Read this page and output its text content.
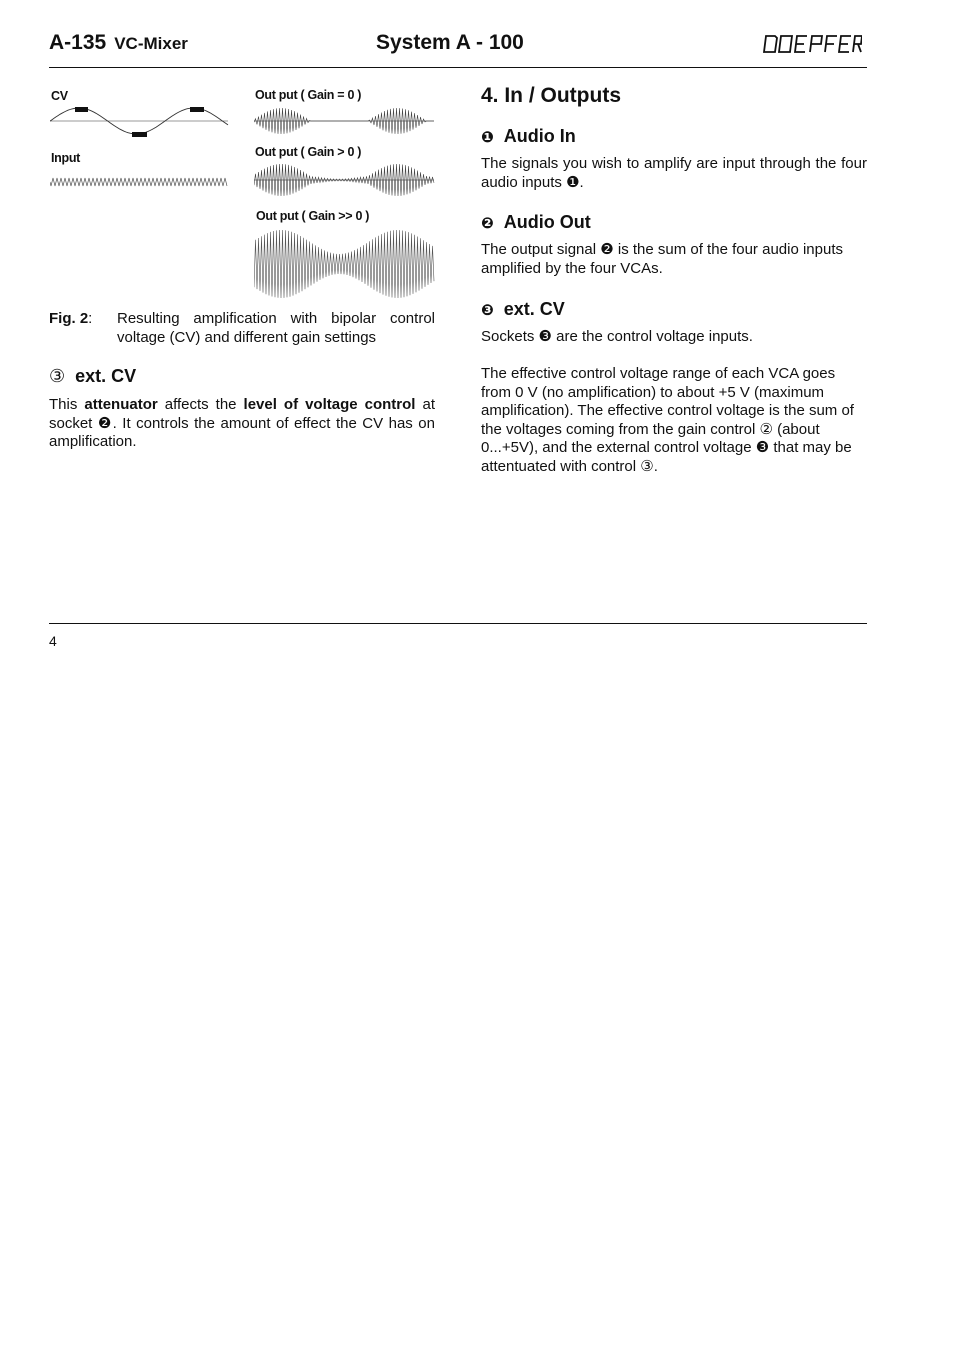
A-135 VC-Mixer	System A - 100
CV
Input
Out put ( Gain = 0 )
Out put ( Gain > 0 )
Out put ( Gain >> 0 )
Fig. 2: Resulting amplification with bipolar control voltage (CV) and different gain settings
③ ext. CV

This attenuator affects the level of voltage control at socket ❷. It controls the amount of effect the CV has on amplification.

4. In / Outputs
❶ Audio In

The signals you wish to amplify are input through the four audio inputs ❶.

❷ Audio Out

The output signal ❷ is the sum of the four audio inputs amplified by the four VCAs.

❸ ext. CV

Sockets ❸ are the control voltage inputs.

The effective control voltage range of each VCA goes from 0 V (no amplification) to about +5 V (maximum amplification). The effective control voltage is the sum of the voltages coming from the gain control ② (about 0...+5V), and the external control voltage ❸ that may be attentuated with control ③.

4
